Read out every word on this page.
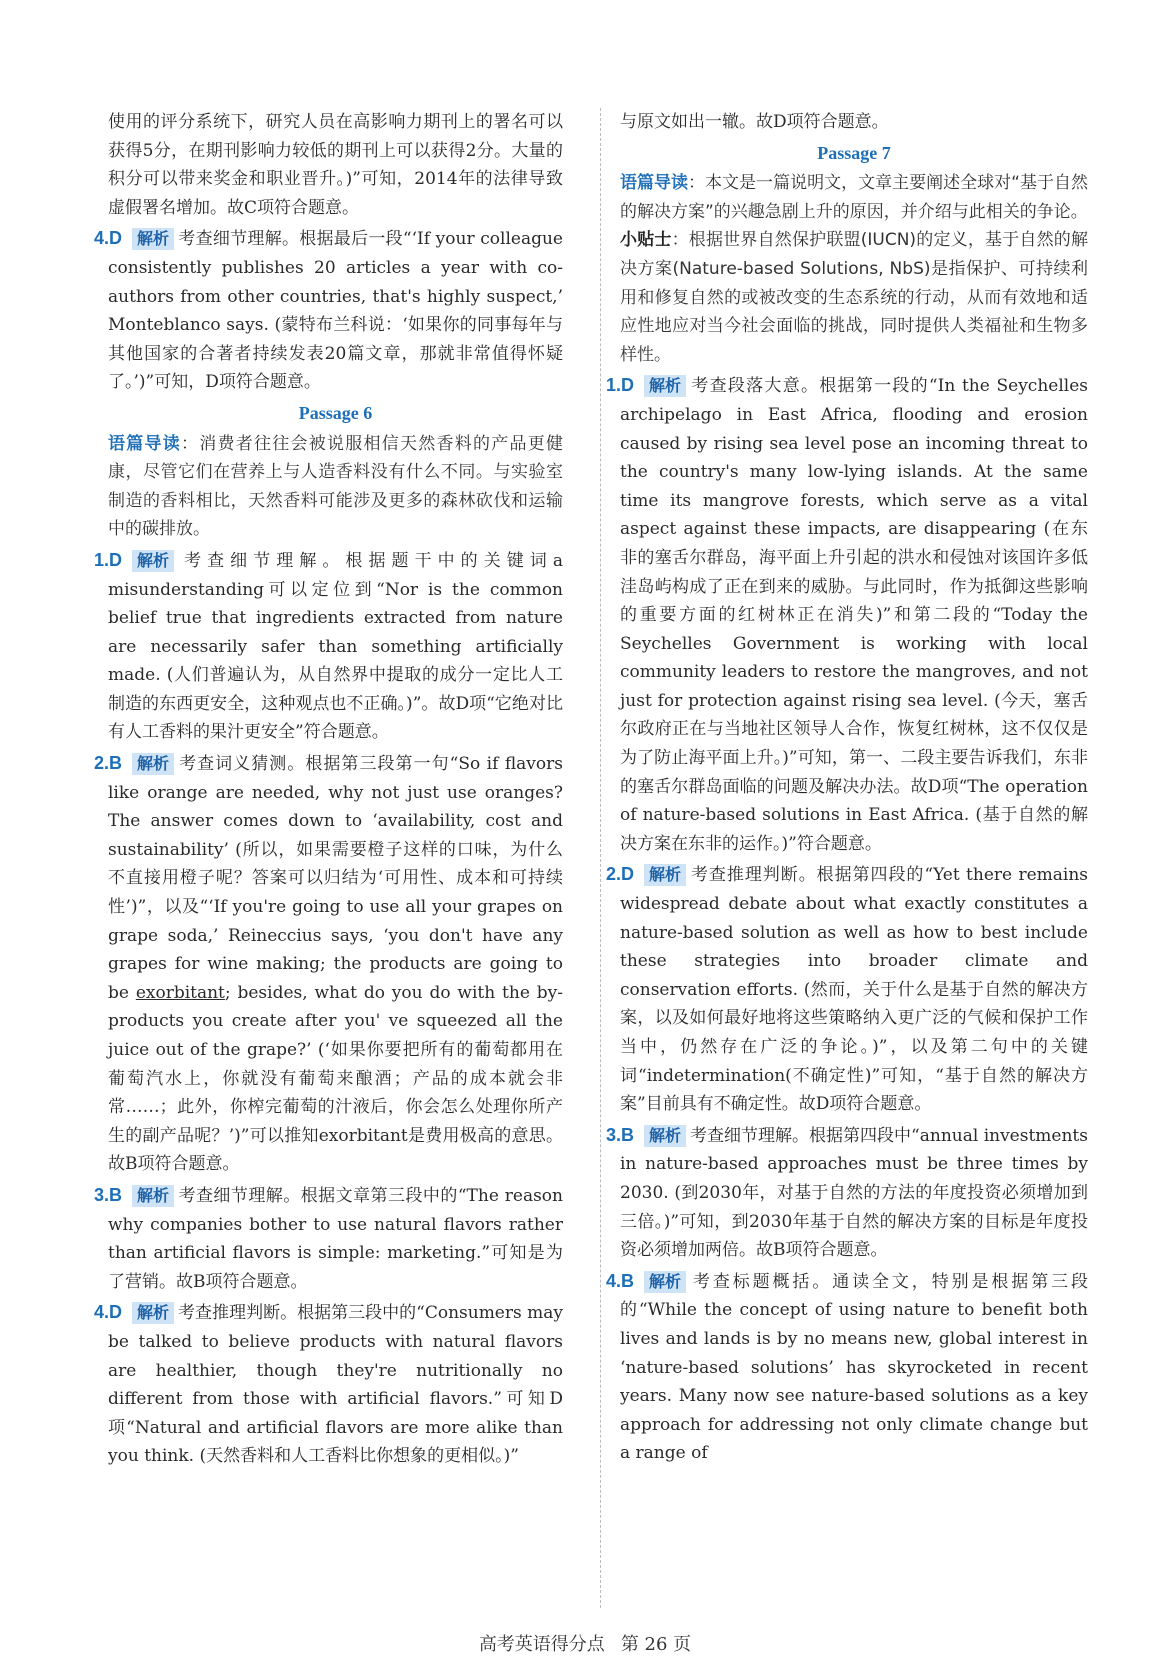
使用的评分系统下，研究人员在高影响力期刊上的署名可以获得5分，在期刊影响力较低的期刊上可以获得2分。大量的积分可以带来奖金和职业晋升。)”可知，2014年的法律导致虚假署名增加。故C项符合题意。

4.D 解析 考查细节理解。根据最后一段“‘If your colleague consistently publishes 20 articles a year with co-authors from other countries, that's highly suspect,’ Monteblanco says. (蒙特布兰科说：‘如果你的同事每年与其他国家的合著者持续发表20篇文章，那就非常值得怀疑了。’)”可知，D项符合题意。

Passage 6

语篇导读：消费者往往会被说服相信天然香料的产品更健康，尽管它们在营养上与人造香料没有什么不同。与实验室制造的香料相比，天然香料可能涉及更多的森林砍伐和运输中的碳排放。

1.D 解析 考查细节理解。根据题干中的关键词a misunderstanding可以定位到“Nor is the common belief true that ingredients extracted from nature are necessarily safer than something artificially made. (人们普遍认为，从自然界中提取的成分一定比人工制造的东西更安全，这种观点也不正确。)”。故D项“它绝对比有人工香料的果汁更安全”符合题意。

2.B 解析 考查词义猜测。根据第三段第一句“So if flavors like orange are needed, why not just use oranges? The answer comes down to ‘availability, cost and sustainability’ (所以，如果需要橙子这样的口味，为什么不直接用橙子呢？答案可以归结为‘可用性、成本和可持续性’)”，以及“‘If you're going to use all your grapes on grape soda,’ Reineccius says, ‘you don't have any grapes for wine making; the products are going to be exorbitant; besides, what do you do with the by-products you create after you' ve squeezed all the juice out of the grape?’ (‘如果你要把所有的葡萄都用在葡萄汽水上，你就没有葡萄来酿酒；产品的成本就会非常……；此外，你榨完葡萄的汁液后，你会怎么处理你所产生的副产品呢？’)”可以推知exorbitant是费用极高的意思。故B项符合题意。

3.B 解析 考查细节理解。根据文章第三段中的“The reason why companies bother to use natural flavors rather than artificial flavors is simple: marketing.”可知是为了营销。故B项符合题意。

4.D 解析 考查推理判断。根据第三段中的“Consumers may be talked to believe products with natural flavors are healthier, though they're nutritionally no different from those with artificial flavors.”可知D项“Natural and artificial flavors are more alike than you think. (天然香料和人工香料比你想象的更相似。)”

与原文如出一辙。故D项符合题意。

Passage 7

语篇导读：本文是一篇说明文，文章主要阐述全球对“基于自然的解决方案”的兴趣急剧上升的原因，并介绍与此相关的争论。

小贴士：根据世界自然保护联盟(IUCN)的定义，基于自然的解决方案(Nature-based Solutions, NbS)是指保护、可持续利用和修复自然的或被改变的生态系统的行动，从而有效地和适应性地应对当今社会面临的挑战，同时提供人类福祉和生物多样性。

1.D 解析 考查段落大意。根据第一段的“In the Seychelles archipelago in East Africa, flooding and erosion caused by rising sea level pose an incoming threat to the country's many low-lying islands. At the same time its mangrove forests, which serve as a vital aspect against these impacts, are disappearing (在东非的塞舌尔群岛，海平面上升引起的洪水和侵蚀对该国许多低洼岛屿构成了正在到来的威胁。与此同时，作为抵御这些影响的重要方面的红树林正在消失)”和第二段的“Today the Seychelles Government is working with local community leaders to restore the mangroves, and not just for protection against rising sea level. (今天，塞舌尔政府正在与当地社区领导人合作，恢复红树林，这不仅仅是为了防止海平面上升。)”可知，第一、二段主要告诉我们，东非的塞舌尔群岛面临的问题及解决办法。故D项“The operation of nature-based solutions in East Africa. (基于自然的解决方案在东非的运作。)”符合题意。

2.D 解析 考查推理判断。根据第四段的“Yet there remains widespread debate about what exactly constitutes a nature-based solution as well as how to best include these strategies into broader climate and conservation efforts. (然而，关于什么是基于自然的解决方案，以及如何最好地将这些策略纳入更广泛的气候和保护工作当中，仍然存在广泛的争论。)”，以及第二句中的关键词“indetermination(不确定性)”可知，“基于自然的解决方案”目前具有不确定性。故D项符合题意。

3.B 解析 考查细节理解。根据第四段中“annual investments in nature-based approaches must be three times by 2030. (到2030年，对基于自然的方法的年度投资必须增加到三倍。)”可知，到2030年基于自然的解决方案的目标是年度投资必须增加两倍。故B项符合题意。

4.B 解析 考查标题概括。通读全文，特别是根据第三段的“While the concept of using nature to benefit both lives and lands is by no means new, global interest in ‘nature-based solutions’ has skyrocketed in recent years. Many now see nature-based solutions as a key approach for addressing not only climate change but a range of

高考英语得分点 第 26 页
